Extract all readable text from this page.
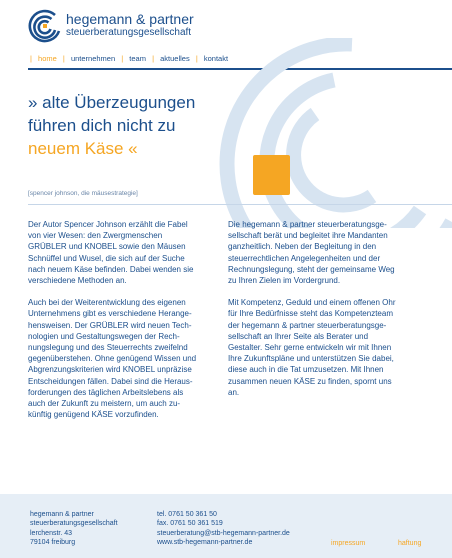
hegemann & partner
steuerberatungsgesellschaft
| home | unternehmen | team | aktuelles | kontakt
» alte Überzeugungen
führen dich nicht zu
neuem Käse «
[spencer johnson, die mäusestrategie]

Der Autor Spencer Johnson erzählt die Fabel
von vier Wesen: den Zwergmenschen
GRÜBLER und KNOBEL sowie den Mäusen
Schnüffel und Wusel, die sich auf der Suche
nach neuem Käse befinden. Dabei wenden sie
verschiedene Methoden an.

Auch bei der Weiterentwicklung des eigenen
Unternehmens gibt es verschiedene Herange-
hensweisen. Der GRÜBLER wird neuen Tech-
nologien und Gestaltungswegen der Rech-
nungslegung und des Steuerrechts zweifelnd
gegenüberstehen. Ohne genügend Wissen und
Abgrenzungskriterien wird KNOBEL unpräzise
Entscheidungen fällen. Dabei sind die Heraus-
forderungen des täglichen Arbeitslebens als
auch der Zukunft zu meistern, um auch zu-
künftig genügend KÄSE vorzufinden.

Die hegemann & partner steuerberatungsge-
sellschaft berät und begleitet ihre Mandanten
ganzheitlich. Neben der Begleitung in den
steuerrechtlichen Angelegenheiten und der
Rechnungslegung, steht der gemeinsame Weg
zu Ihren Zielen im Vordergrund.

Mit Kompetenz, Geduld und einem offenen Ohr
für Ihre Bedürfnisse steht das Kompetenzteam
der hegemann & partner steuerberatungsge-
sellschaft an Ihrer Seite als Berater und
Gestalter. Sehr gerne entwickeln wir mit Ihnen
Ihre Zukunftspläne und unterstützen Sie dabei,
diese auch in die Tat umzusetzen. Mit Ihnen
zusammen neuen KÄSE zu finden, spornt uns
an.

hegemann & partner
steuerberatungsgesellschaft
lerchenstr. 43
79104 freiburg
tel. 0761 50 361 50
fax. 0761 50 361 519
steuerberatung@stb-hegemann-partner.de
www.stb-hegemann-partner.de	impressum	haftung
